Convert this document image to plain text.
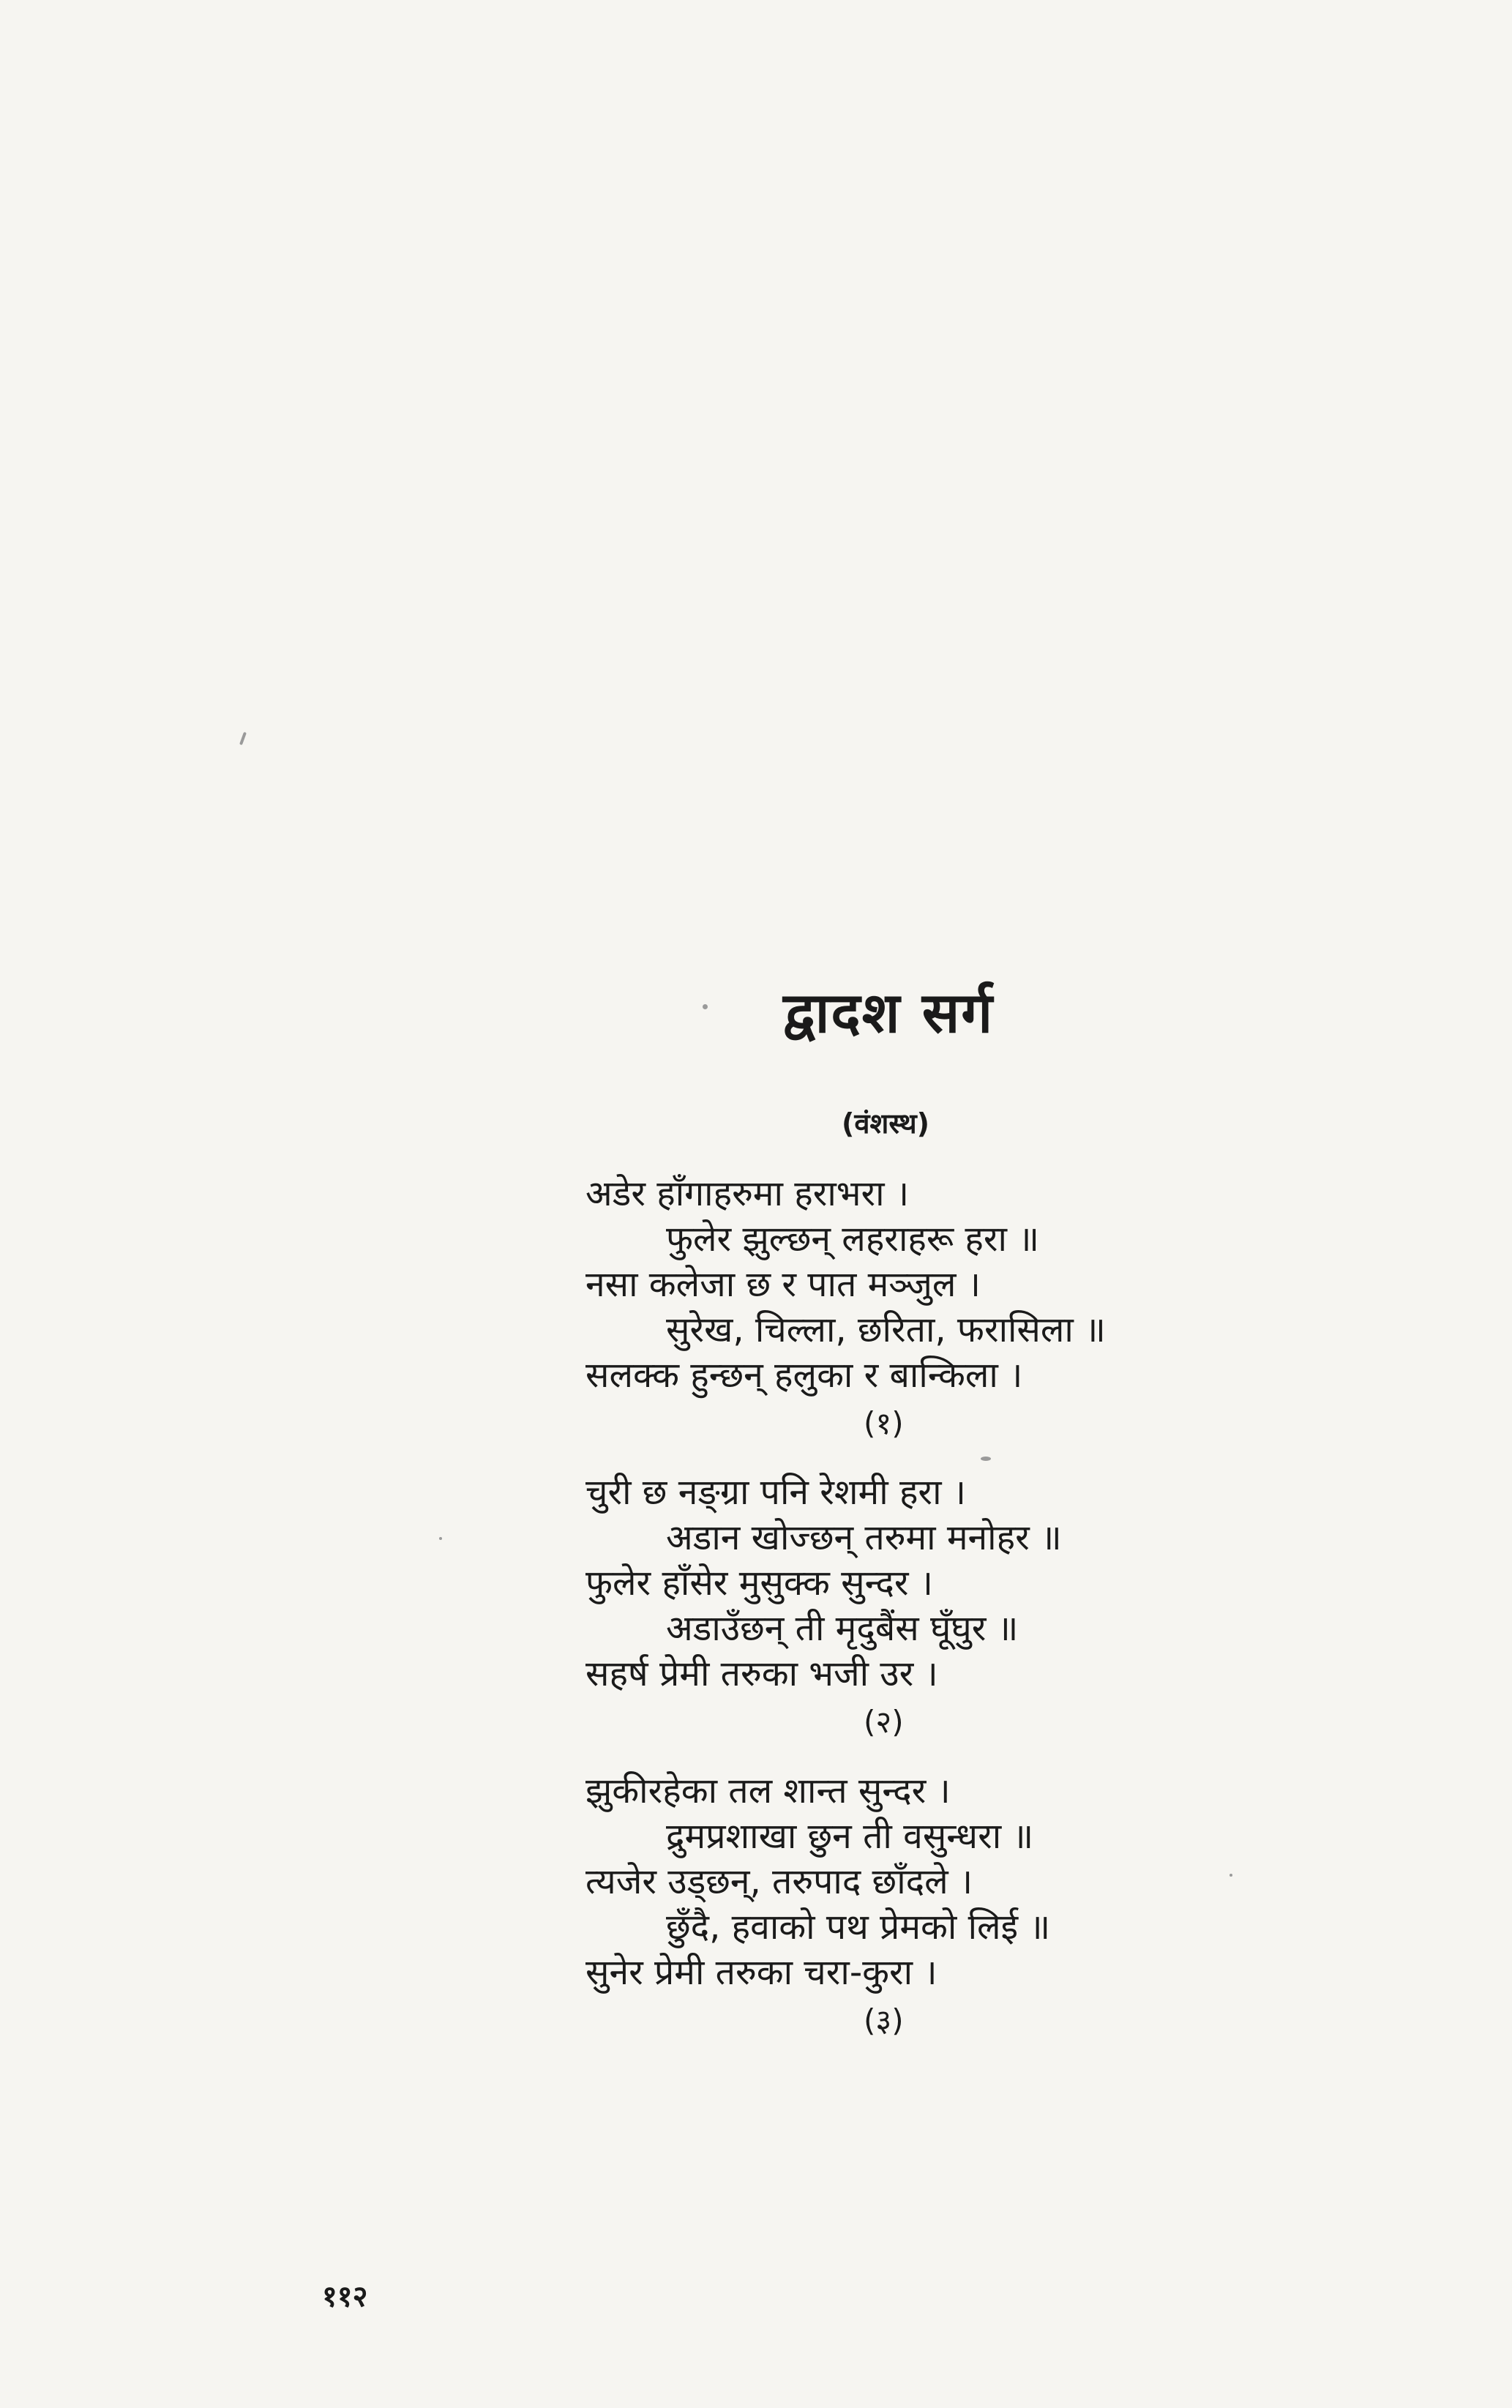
द्वादश सर्ग
(वंशस्थ)
अडेर हाँगाहरुमा हराभरा ।
फुलेर झुल्छन् लहराहरू हरा ॥
नसा कलेजा छ र पात मञ्जुल ।
सुरेख, चिल्ला, छरिता, फरासिला ॥
सलक्क हुन्छन् हलुका र बान्किला ।
(१)
चुरी छ नङ्ग्रा पनि रेशमी हरा ।
अडान खोज्छन् तरुमा मनोहर ॥
फुलेर हाँसेर मुसुक्क सुन्दर ।
अडाउँछन् ती मृदुबैंस घूँघुर ॥
सहर्ष प्रेमी तरुका भजी उर ।
(२)
झुकीरहेका तल शान्त सुन्दर ।
द्रुमप्रशाखा छुन ती वसुन्धरा ॥
त्यजेर उड्छन्, तरुपाद छाँदले ।
छुँदै, हवाको पथ प्रेमको लिई ॥
सुनेर प्रेमी तरुका चरा-कुरा ।
(३)
११२
